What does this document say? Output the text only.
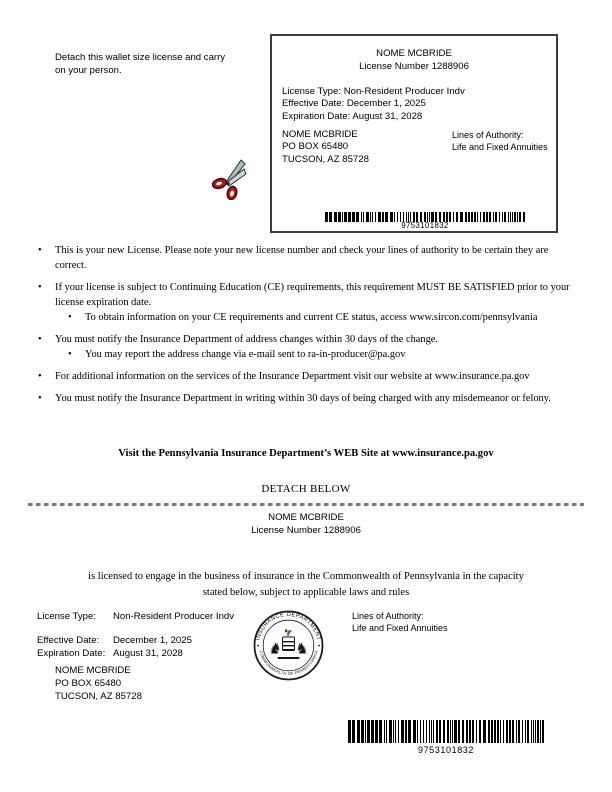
Detach this wallet size license and carry on your person.
NOME MCBRIDE
License Number 1288906
License Type: Non-Resident Producer Indv
Effective Date: December 1, 2025
Expiration Date: August 31, 2028
NOME MCBRIDE
PO BOX 65480
TUCSON, AZ 85728
Lines of Authority:
Life and Fixed Annuities
9753101832
•	This is your new License. Please note your new license number and check your lines of authority to be certain they are correct.
•	If your license is subject to Continuing Education (CE) requirements, this requirement MUST BE SATISFIED prior to your license expiration date.
•	To obtain information on your CE requirements and current CE status, access www.sircon.com/pennsylvania
•	You must notify the Insurance Department of address changes within 30 days of the change.
•	You may report the address change via e-mail sent to ra-in-producer@pa.gov
•	For additional information on the services of the Insurance Department visit our website at www.insurance.pa.gov
•	You must notify the Insurance Department in writing within 30 days of being charged with any misdemeanor or felony.
Visit the Pennsylvania Insurance Department’s WEB Site at www.insurance.pa.gov
DETACH BELOW
NOME MCBRIDE
License Number 1288906
is licensed to engage in the business of insurance in the Commonwealth of Pennsylvania in the capacity
stated below, subject to applicable laws and rules
License Type: Non-Resident Producer Indv
Effective Date: December 1, 2025
Expiration Date: August 31, 2028
NOME MCBRIDE
PO BOX 65480
TUCSON, AZ 85728
INSURANCE DEPARTMENT
COMMONWEALTH OF PENNSYLVANIA
🦅
♞ ♞
Lines of Authority:
Life and Fixed Annuities
9753101832
